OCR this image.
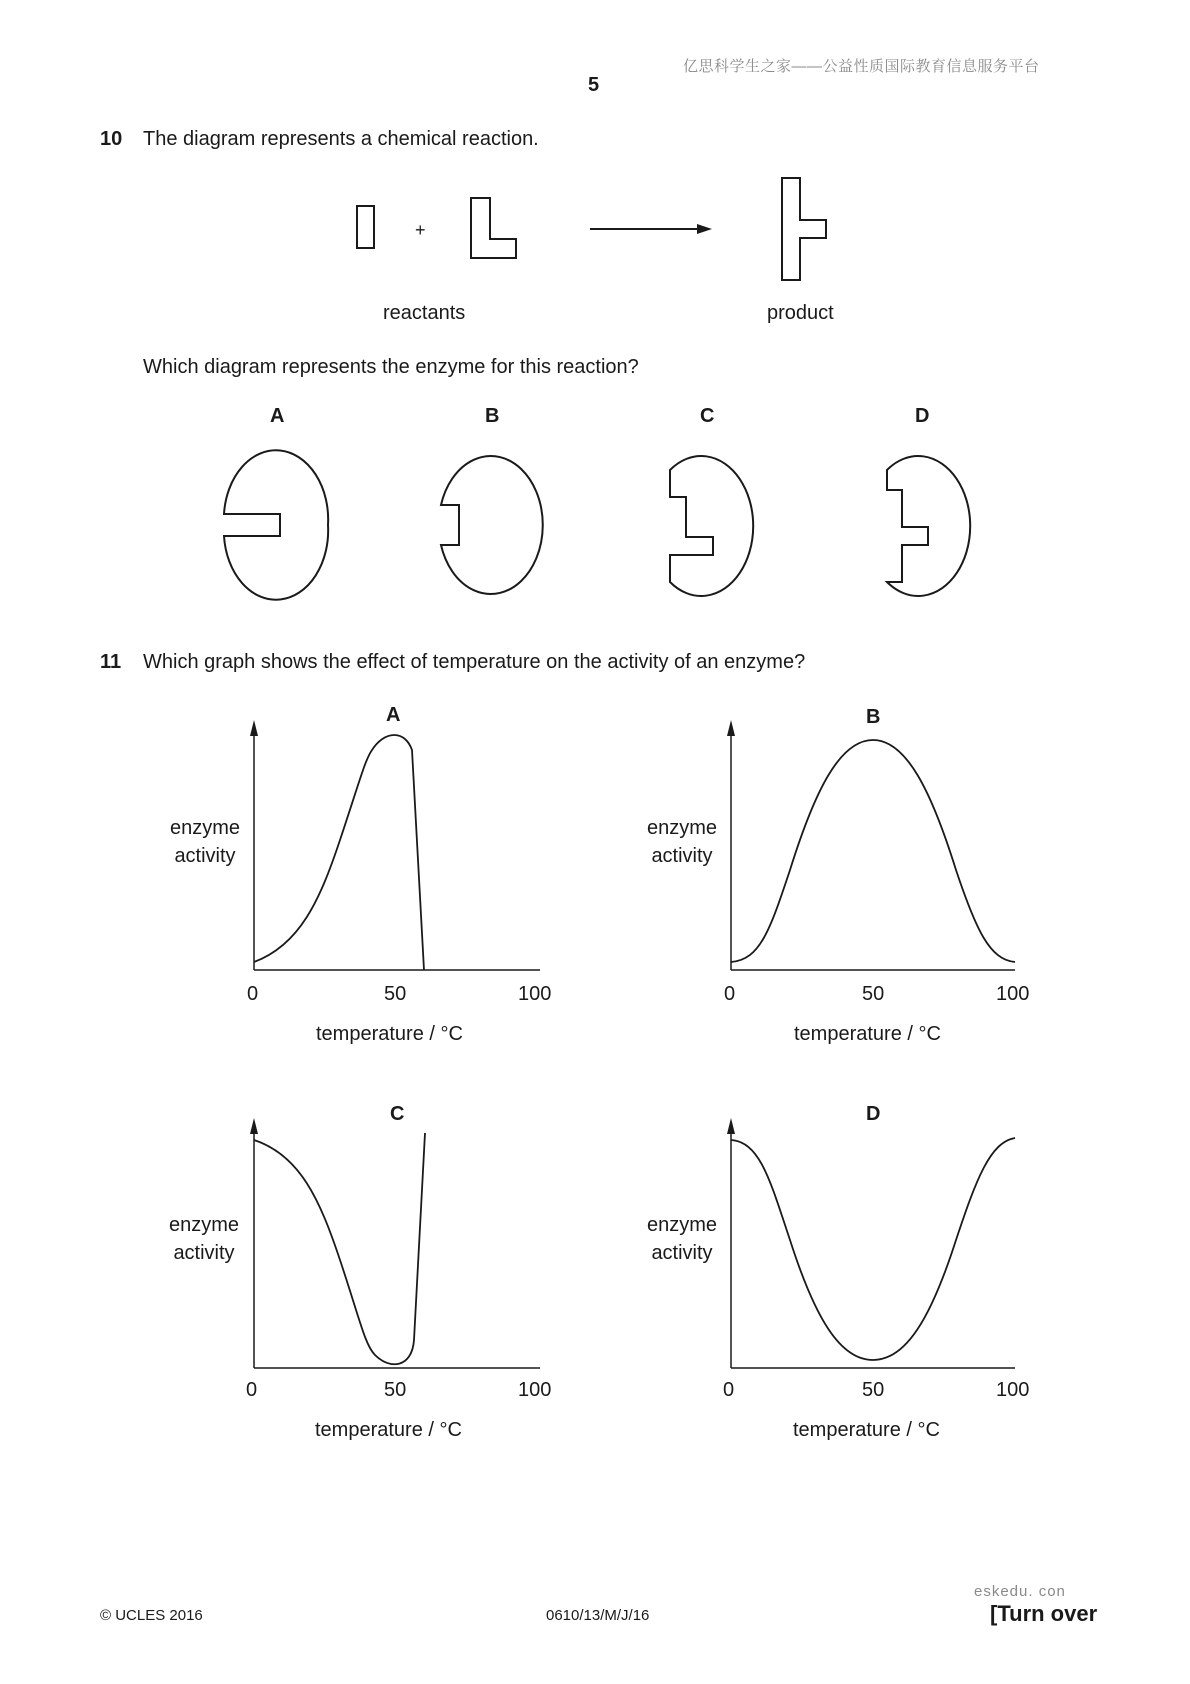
亿思科学生之家——公益性质国际教育信息服务平台
5
10 The diagram represents a chemical reaction.
+
reactants	product
Which diagram represents the enzyme for this reaction?
A	B	C	D
11 Which graph shows the effect of temperature on the activity of an enzyme?
A
enzyme
activity
0	50	100
temperature / °C
B
enzyme
activity
0	50	100
temperature / °C
C
enzyme
activity
0	50	100
temperature / °C
D
enzyme
activity
0	50	100
temperature / °C
eskedu. con
© UCLES 2016	0610/13/M/J/16	[Turn over
